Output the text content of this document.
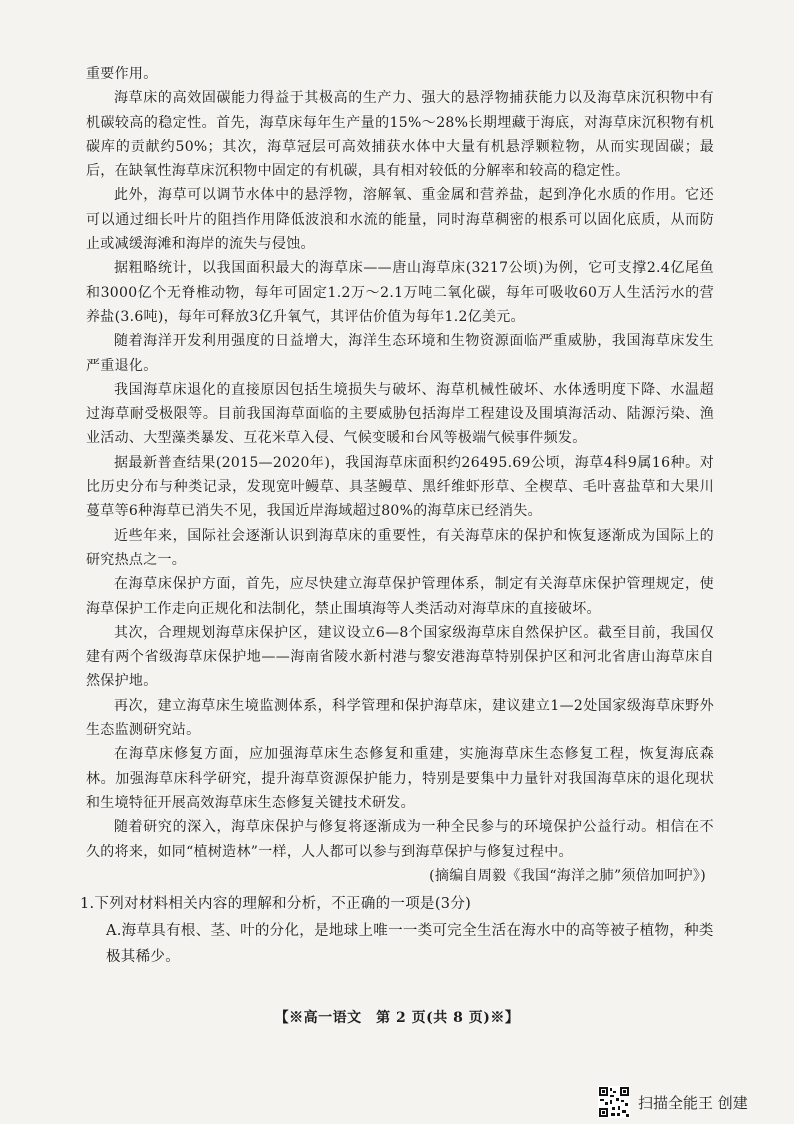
重要作用。

海草床的高效固碳能力得益于其极高的生产力、强大的悬浮物捕获能力以及海草床沉积物中有机碳较高的稳定性。首先，海草床每年生产量的15%～28%长期埋藏于海底，对海草床沉积物有机碳库的贡献约50%；其次，海草冠层可高效捕获水体中大量有机悬浮颗粒物，从而实现固碳；最后，在缺氧性海草床沉积物中固定的有机碳，具有相对较低的分解率和较高的稳定性。

此外，海草可以调节水体中的悬浮物，溶解氧、重金属和营养盐，起到净化水质的作用。它还可以通过细长叶片的阻挡作用降低波浪和水流的能量，同时海草稠密的根系可以固化底质，从而防止或减缓海滩和海岸的流失与侵蚀。

据粗略统计，以我国面积最大的海草床——唐山海草床(3217公顷)为例，它可支撑2.4亿尾鱼和3000亿个无脊椎动物，每年可固定1.2万～2.1万吨二氧化碳，每年可吸收60万人生活污水的营养盐(3.6吨)，每年可释放3亿升氧气，其评估价值为每年1.2亿美元。

随着海洋开发利用强度的日益增大，海洋生态环境和生物资源面临严重威胁，我国海草床发生严重退化。

我国海草床退化的直接原因包括生境损失与破坏、海草机械性破坏、水体透明度下降、水温超过海草耐受极限等。目前我国海草面临的主要威胁包括海岸工程建设及围填海活动、陆源污染、渔业活动、大型藻类暴发、互花米草入侵、气候变暖和台风等极端气候事件频发。

据最新普查结果(2015—2020年)，我国海草床面积约26495.69公顷，海草4科9属16种。对比历史分布与种类记录，发现宽叶鳗草、具茎鳗草、黑纤维虾形草、全楔草、毛叶喜盐草和大果川蔓草等6种海草已消失不见，我国近岸海域超过80%的海草床已经消失。

近些年来，国际社会逐渐认识到海草床的重要性，有关海草床的保护和恢复逐渐成为国际上的研究热点之一。

在海草床保护方面，首先，应尽快建立海草保护管理体系，制定有关海草床保护管理规定，使海草保护工作走向正规化和法制化，禁止围填海等人类活动对海草床的直接破坏。

其次，合理规划海草床保护区，建议设立6—8个国家级海草床自然保护区。截至目前，我国仅建有两个省级海草床保护地——海南省陵水新村港与黎安港海草特别保护区和河北省唐山海草床自然保护地。

再次，建立海草床生境监测体系，科学管理和保护海草床，建议建立1—2处国家级海草床野外生态监测研究站。

在海草床修复方面，应加强海草床生态修复和重建，实施海草床生态修复工程，恢复海底森林。加强海草床科学研究，提升海草资源保护能力，特别是要集中力量针对我国海草床的退化现状和生境特征开展高效海草床生态修复关键技术研发。

随着研究的深入，海草床保护与修复将逐渐成为一种全民参与的环境保护公益行动。相信在不久的将来，如同“植树造林”一样，人人都可以参与到海草保护与修复过程中。

(摘编自周毅《我国“海洋之肺”须倍加呵护》)

1.下列对材料相关内容的理解和分析，不正确的一项是(3分)

A.海草具有根、茎、叶的分化，是地球上唯一一类可完全生活在海水中的高等被子植物，种类极其稀少。

【※高一语文　第 2 页(共 8 页)※】
扫描全能王 创建
